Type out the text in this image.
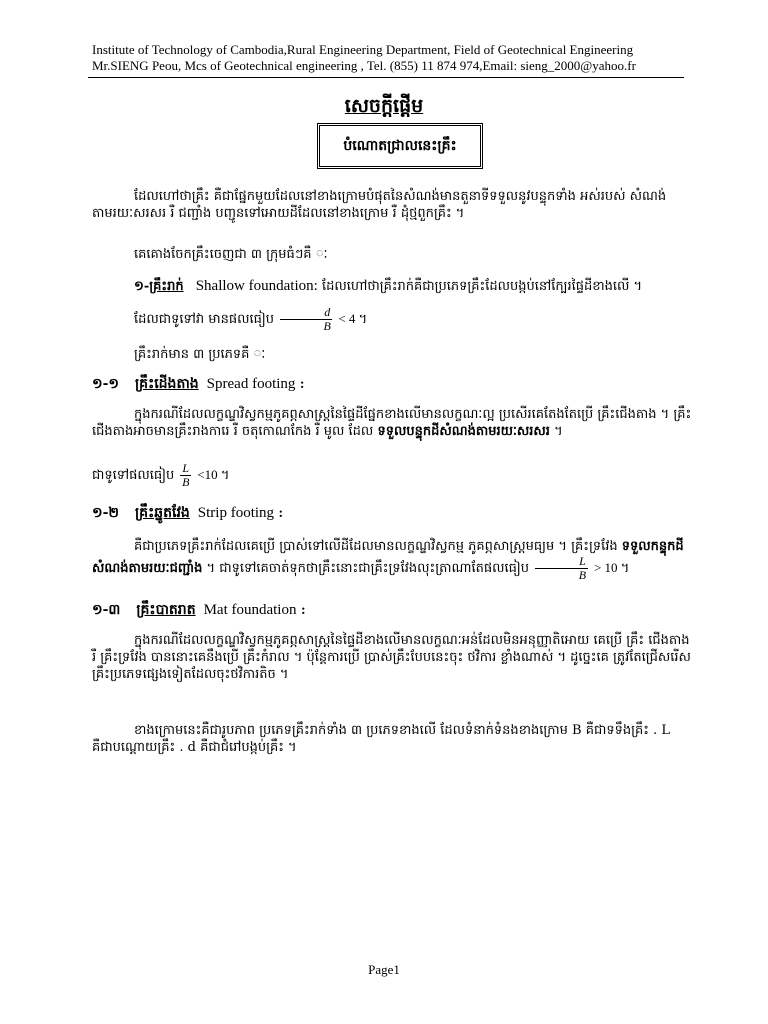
Institute of Technology of Cambodia,Rural Engineering Department, Field of Geotechnical Engineering
Mr.SIENG Peou, Mcs of Geotechnical engineering , Tel. (855) 11 874 974,Email: sieng_2000@yahoo.fr
សេចក្តីផ្តើម
បំណោតជ្រាលនេះគ្រឹះ
ដែលហៅថាគ្រឹះ គឺជាផ្នែកមួយដែលនៅខាងក្រោមបំផុតនៃសំណង់មានតួនាទីទទួលនូវបន្ទុកទាំង អស់របស់ សំណង់ តាមរយៈសរសរ រឺ ជញ្ជាំង បញ្ជូនទៅអោយដីដែលនៅខាងក្រោម រឺ ដុំថ្មពួកគ្រឹះ ។
គេគោងចែកគ្រឹះចេញជា ៣ ក្រុមធំៗគឺ ៈ
១-គ្រឹះរាក់ Shallow foundation: ដែលហៅថាគ្រឹះរាក់គឺជាប្រភេទគ្រឹះដែលបង្កប់នៅក្បែរផ្ទៃដីខាងលើ ។
ដែលជាទូទៅវា មានផលធៀប $\frac{d}{B} < 4$ ។
គ្រឹះរាក់មាន ៣ ប្រភេទគឺ ៈ
១-១ គ្រឹះដើងតាង Spread footing :
ក្នុងករណីដែលលក្ខណ្ឌវិស្វកម្មភូគព្ភសាស្ត្រនៃផ្ទៃដីផ្នែកខាងលើមានលក្ខណៈល្អ ប្រសើរគេតែងតែប្រើ គ្រឹះជើងតាង ។ គ្រឹះជើងតាងអាចមានគ្រឹះរាងការេ រឺ ចតុកោណកែង រឺ មូល ដែល ទទួលបន្ទុកដីសំណង់តាមរយៈសរសរ ។
ជាទូទៅផលធៀប $\frac{L}{B} <10$ ។
១-២ គ្រឹះឆ្នូតវែង Strip footing :
គឺជាប្រភេទគ្រឹះរាក់ដែលគេប្រើ ប្រាស់ទៅលើដីដែលមានលក្ខណ្ឌវិស្វកម្ម ភូគព្ភសាស្ត្រមធ្យម ។ គ្រឹះទ្រវែង ទទួលកន្ទុកដីសំណង់តាមរយៈជញ្ជាំង ។ ជាទូទៅគេចាត់ទុកថាគ្រឹះនោះជាគ្រឹះទ្រវែងលុះត្រាណាតែផលធៀប $\frac{L}{B} > 10$ ។
១-៣ គ្រឹះបាតរាត Mat foundation :
ក្នុងករណីដែលលក្ខណ្ឌវិស្វកម្មភូគព្ភសាស្ត្រនៃផ្ទៃដីខាងលើមានលក្ខណៈអន់ដែលមិនអនុញ្ញាតិអោយ គេប្រើ គ្រឹះ ជើងតាង រឺ គ្រឹះទ្រវែង បាននោះគេនឹងប្រើ គ្រឹះកំរាល ។ ប៉ុន្តែការប្រើ ប្រាស់គ្រឹះបែបនេះចុះ ថវិការ ខ្លាំងណាស់ ។ ដូច្នេះគេ ត្រូវតែជ្រើសរើសគ្រឹះប្រភេទផ្សេងទៀតដែលចុះថវិការតិច ។
ខាងក្រោមនេះគឺជារូបភាព ប្រភេទគ្រឹះរាក់ទាំង ៣ ប្រភេទខាងលើ ដែលទំនាក់ទំនងខាងក្រោម B គឺជាទទឹងគ្រឹះ . L គឺជាបណ្តោយគ្រឹះ . d គឺជាជំរៅបង្កប់គ្រឹះ ។
Page1
